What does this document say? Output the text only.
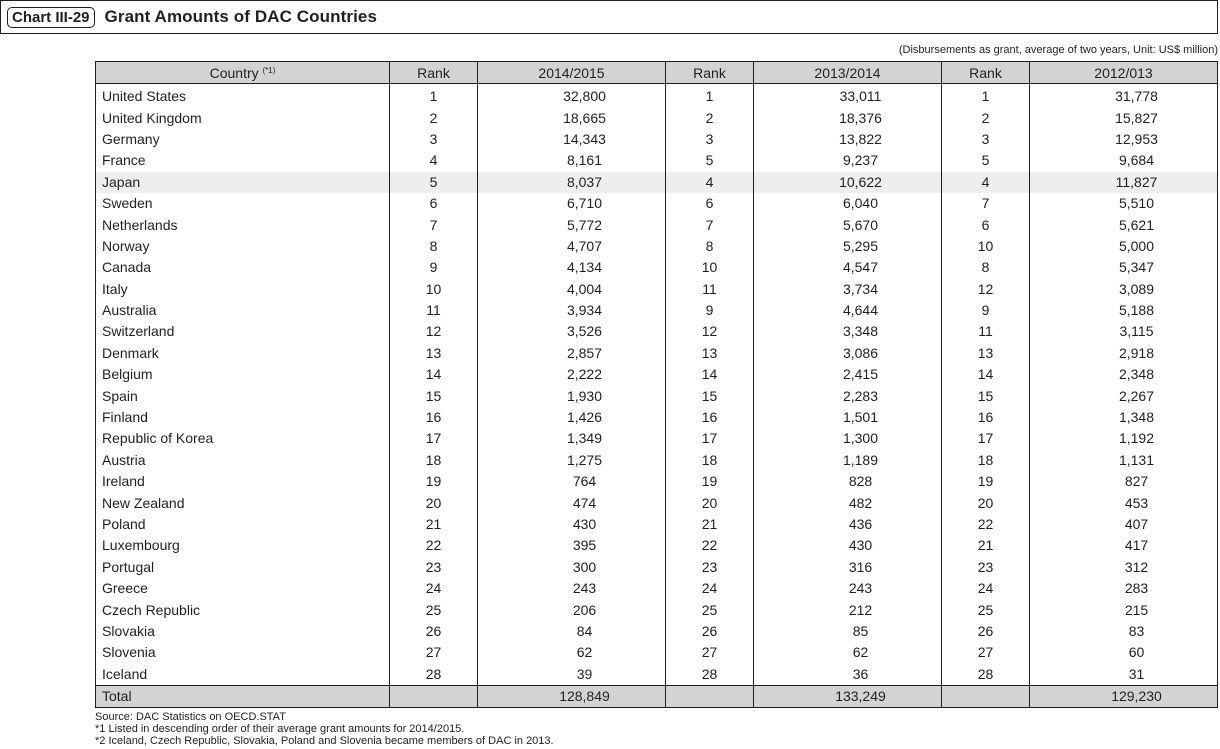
Chart III-29 Grant Amounts of DAC Countries
(Disbursements as grant, average of two years, Unit: US$ million)
Country $^{(*1)}$	Rank	2014/2015	Rank	2013/2014	Rank	2012/013
United States	1	32,800	1	33,011	1	31,778
United Kingdom	2	18,665	2	18,376	2	15,827
Germany	3	14,343	3	13,822	3	12,953
France	4	8,161	5	9,237	5	9,684
Japan	5	8,037	4	10,622	4	11,827
Sweden	6	6,710	6	6,040	7	5,510
Netherlands	7	5,772	7	5,670	6	5,621
Norway	8	4,707	8	5,295	10	5,000
Canada	9	4,134	10	4,547	8	5,347
Italy	10	4,004	11	3,734	12	3,089
Australia	11	3,934	9	4,644	9	5,188
Switzerland	12	3,526	12	3,348	11	3,115
Denmark	13	2,857	13	3,086	13	2,918
Belgium	14	2,222	14	2,415	14	2,348
Spain	15	1,930	15	2,283	15	2,267
Finland	16	1,426	16	1,501	16	1,348
Republic of Korea	17	1,349	17	1,300	17	1,192
Austria	18	1,275	18	1,189	18	1,131
Ireland	19	764	19	828	19	827
New Zealand	20	474	20	482	20	453
Poland	21	430	21	436	22	407
Luxembourg	22	395	22	430	21	417
Portugal	23	300	23	316	23	312
Greece	24	243	24	243	24	283
Czech Republic	25	206	25	212	25	215
Slovakia	26	84	26	85	26	83
Slovenia	27	62	27	62	27	60
Iceland	28	39	28	36	28	31
Total		128,849		133,249		129,230
Source: DAC Statistics on OECD.STAT
*1 Listed in descending order of their average grant amounts for 2014/2015.
*2 Iceland, Czech Republic, Slovakia, Poland and Slovenia became members of DAC in 2013.
